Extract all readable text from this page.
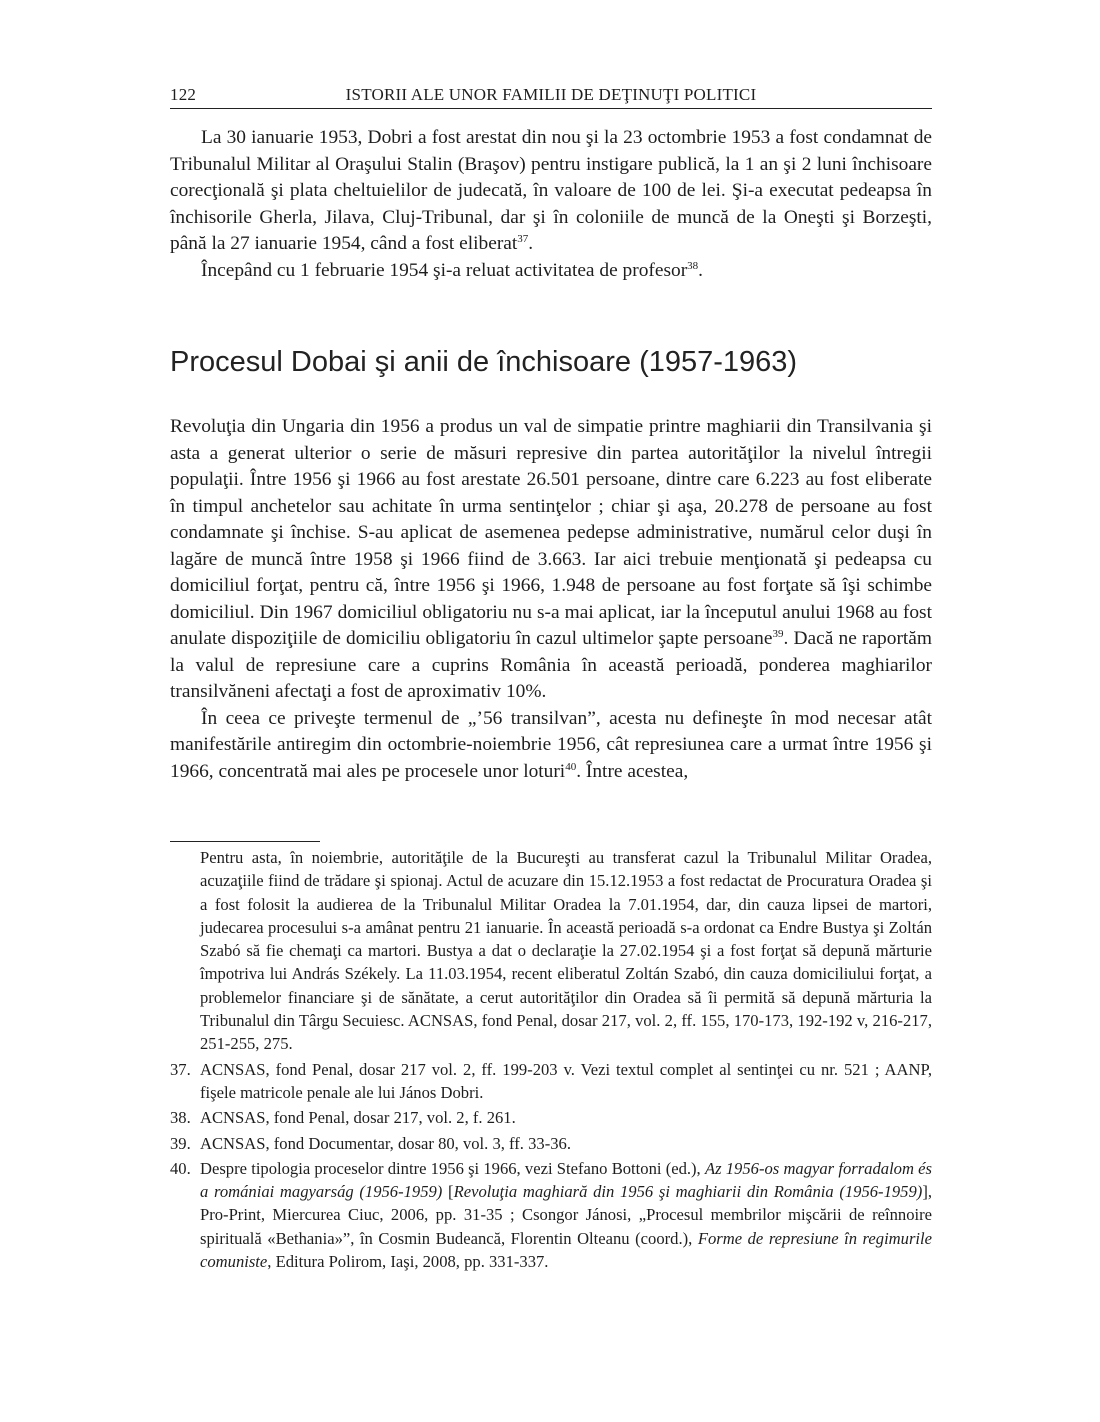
122	ISTORII ALE UNOR FAMILII DE DEŢINUŢI POLITICI

La 30 ianuarie 1953, Dobri a fost arestat din nou şi la 23 octombrie 1953 a fost condamnat de Tribunalul Militar al Oraşului Stalin (Braşov) pentru instigare publică, la 1 an şi 2 luni închisoare corecţională şi plata cheltuielilor de judecată, în valoare de 100 de lei. Şi-a executat pedeapsa în închisorile Gherla, Jilava, Cluj-Tribunal, dar şi în coloniile de muncă de la Oneşti şi Borzeşti, până la 27 ianuarie 1954, când a fost eliberat$^{37}$.

Începând cu 1 februarie 1954 şi-a reluat activitatea de profesor$^{38}$.

Procesul Dobai şi anii de închisoare (1957-1963)

Revoluţia din Ungaria din 1956 a produs un val de simpatie printre maghiarii din Transilvania şi asta a generat ulterior o serie de măsuri represive din partea autorităţilor la nivelul întregii populaţii. Între 1956 şi 1966 au fost arestate 26.501 persoane, dintre care 6.223 au fost eliberate în timpul anchetelor sau achitate în urma sentinţelor ; chiar şi aşa, 20.278 de persoane au fost condamnate şi închise. S-au aplicat de asemenea pedepse administrative, numărul celor duşi în lagăre de muncă între 1958 şi 1966 fiind de 3.663. Iar aici trebuie menţionată şi pedeapsa cu domiciliul forţat, pentru că, între 1956 şi 1966, 1.948 de persoane au fost forţate să îşi schimbe domiciliul. Din 1967 domiciliul obligatoriu nu s-a mai aplicat, iar la începutul anului 1968 au fost anulate dispoziţiile de domiciliu obligatoriu în cazul ultimelor şapte persoane$^{39}$. Dacă ne raportăm la valul de represiune care a cuprins România în această perioadă, ponderea maghiarilor transilvăneni afectaţi a fost de aproximativ 10%.

În ceea ce priveşte termenul de „’56 transilvan”, acesta nu defineşte în mod necesar atât manifestările antiregim din octombrie-noiembrie 1956, cât represiunea care a urmat între 1956 şi 1966, concentrată mai ales pe procesele unor loturi$^{40}$. Între acestea,

Pentru asta, în noiembrie, autorităţile de la Bucureşti au transferat cazul la Tribunalul Militar Oradea, acuzaţiile fiind de trădare şi spionaj. Actul de acuzare din 15.12.1953 a fost redactat de Procuratura Oradea şi a fost folosit la audierea de la Tribunalul Militar Oradea la 7.01.1954, dar, din cauza lipsei de martori, judecarea procesului s-a amânat pentru 21 ianuarie. În această perioadă s-a ordonat ca Endre Bustya şi Zoltán Szabó să fie chemaţi ca martori. Bustya a dat o declaraţie la 27.02.1954 şi a fost forţat să depună mărturie împotriva lui András Székely. La 11.03.1954, recent eliberatul Zoltán Szabó, din cauza domiciliului forţat, a problemelor financiare şi de sănătate, a cerut autorităţilor din Oradea să îi permită să depună mărturia la Tribunalul din Târgu Secuiesc. ACNSAS, fond Penal, dosar 217, vol. 2, ff. 155, 170-173, 192-192 v, 216-217, 251-255, 275.

37. ACNSAS, fond Penal, dosar 217 vol. 2, ff. 199-203 v. Vezi textul complet al sentinţei cu nr. 521 ; AANP, fişele matricole penale ale lui János Dobri.

38. ACNSAS, fond Penal, dosar 217, vol. 2, f. 261.

39. ACNSAS, fond Documentar, dosar 80, vol. 3, ff. 33-36.

40. Despre tipologia proceselor dintre 1956 şi 1966, vezi Stefano Bottoni (ed.), Az 1956-os magyar forradalom és a romániai magyarság (1956-1959) [Revoluţia maghiară din 1956 şi maghiarii din România (1956-1959)], Pro-Print, Miercurea Ciuc, 2006, pp. 31-35 ; Csongor Jánosi, „Procesul membrilor mişcării de reînnoire spirituală «Bethania»”, în Cosmin Budeancă, Florentin Olteanu (coord.), Forme de represiune în regimurile comuniste, Editura Polirom, Iaşi, 2008, pp. 331-337.
